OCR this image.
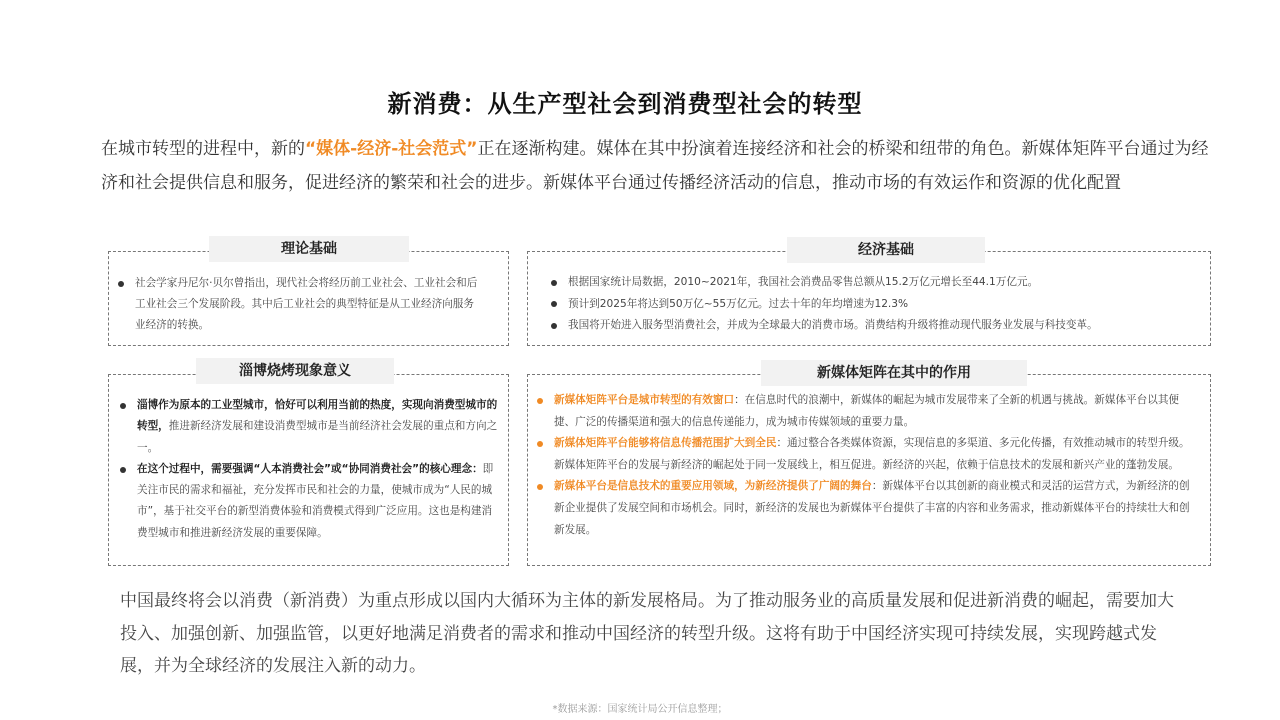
新消费：从生产型社会到消费型社会的转型
在城市转型的进程中，新的“媒体-经济-社会范式”正在逐渐构建。媒体在其中扮演着连接经济和社会的桥梁和纽带的角色。新媒体矩阵平台通过为经济和社会提供信息和服务，促进经济的繁荣和社会的进步。新媒体平台通过传播经济活动的信息，推动市场的有效运作和资源的优化配置
理论基础
社会学家丹尼尔·贝尔曾指出，现代社会将经历前工业社会、工业社会和后工业社会三个发展阶段。其中后工业社会的典型特征是从工业经济向服务业经济的转换。
经济基础
根据国家统计局数据，2010~2021年，我国社会消费品零售总额从15.2万亿元增长至44.1万亿元。
预计到2025年将达到50万亿~55万亿元。过去十年的年均增速为12.3%
我国将开始进入服务型消费社会，并成为全球最大的消费市场。消费结构升级将推动现代服务业发展与科技变革。
淄博烧烤现象意义
淄博作为原本的工业型城市，恰好可以利用当前的热度，实现向消费型城市的转型，推进新经济发展和建设消费型城市是当前经济社会发展的重点和方向之一。
在这个过程中，需要强调“人本消费社会”或“协同消费社会”的核心理念：即关注市民的需求和福祉，充分发挥市民和社会的力量，使城市成为“人民的城市”，基于社交平台的新型消费体验和消费模式得到广泛应用。这也是构建消费型城市和推进新经济发展的重要保障。
新媒体矩阵在其中的作用
新媒体矩阵平台是城市转型的有效窗口：在信息时代的浪潮中，新媒体的崛起为城市发展带来了全新的机遇与挑战。新媒体平台以其便捷、广泛的传播渠道和强大的信息传递能力，成为城市传媒领域的重要力量。
新媒体矩阵平台能够将信息传播范围扩大到全民：通过整合各类媒体资源，实现信息的多渠道、多元化传播，有效推动城市的转型升级。新媒体矩阵平台的发展与新经济的崛起处于同一发展线上，相互促进。新经济的兴起，依赖于信息技术的发展和新兴产业的蓬勃发展。
新媒体平台是信息技术的重要应用领域，为新经济提供了广阔的舞台：新媒体平台以其创新的商业模式和灵活的运营方式，为新经济的创新企业提供了发展空间和市场机会。同时，新经济的发展也为新媒体平台提供了丰富的内容和业务需求，推动新媒体平台的持续壮大和创新发展。
中国最终将会以消费（新消费）为重点形成以国内大循环为主体的新发展格局。为了推动服务业的高质量发展和促进新消费的崛起，需要加大投入、加强创新、加强监管，以更好地满足消费者的需求和推动中国经济的转型升级。这将有助于中国经济实现可持续发展，实现跨越式发展，并为全球经济的发展注入新的动力。
*数据来源：国家统计局公开信息整理；
